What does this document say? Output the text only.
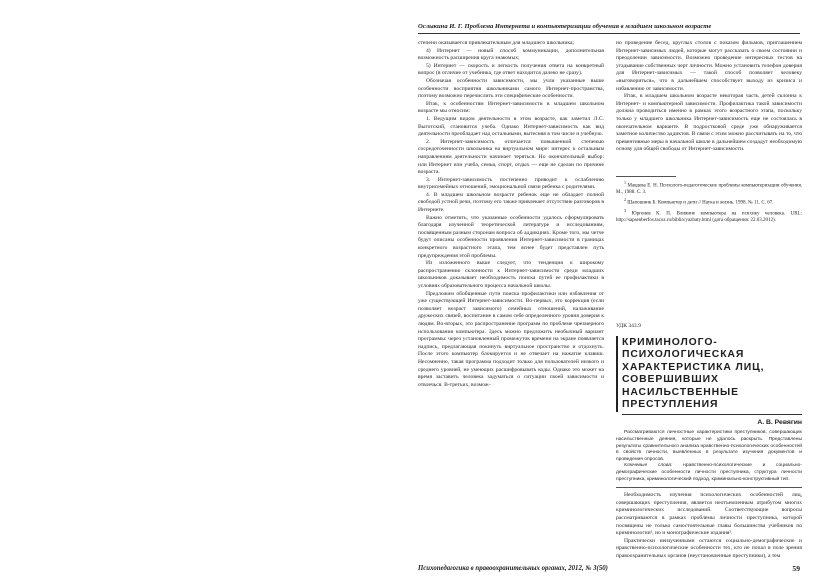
Ослыкина И. Г. Проблема Интернета и компьютеризации обучения в младшем школьном возрасте

степени оказывается привлекательным для младшего школьника;

4) Интернет — новый способ коммуникации, дополнительная возможность расширения круга знакомых;

5) Интернет — скорость и легкость получения ответа на конкретный вопрос (в отличие от учебника, где ответ находится далеко не сразу).

Обозначая особенности зависимости, мы учли указанные выше особенности восприятия школьниками самого Интернет-пространства, поэтому возможно перечислить эти специфические особенности.

Итак, к особенностям Интернет-зависимости в младшем школьном возрасте мы относим:

1. Ведущим видом деятельности в этом возрасте, как заметил Л.С. Выготский, становится учеба. Однако Интернет-зависимость как вид деятельности преобладает над остальными, вытесняя в том числе и учебную.

2. Интернет-зависимость отличается повышенной степенью сосредоточенности школьника на виртуальном мире: интерес к остальным направлениям деятельности начинает теряться. Но окончательный выбор: или Интернет или учеба, семья, спорт, отдых — еще не сделан по причине возраста.

3. Интернет-зависимость постепенно приводит к ослаблению внутрисемейных отношений, эмоциональной связи ребенка с родителями.

4. В младшем школьном возрасте ребенок еще не обладает полной свободой устной речи, поэтому его также привлекает отсутствие разговоров в Интернете.

Важно отметить, что указанные особенности удалось сформулировать благодаря изученной теоретической литературе и исследованиям, посвященным разным сторонам вопроса об аддикциях. Кроме того, мы четче будут описаны особенности проявления Интернет-зависимости в границах конкретного возрастного этапа, тем яснее будет представлен путь предупреждения этой проблемы.

Из изложенного выше следует, что тенденция к широкому распространению склонности к Интернет-зависимости среди младших школьников доказывает необходимость поиска путей ее профилактики в условиях образовательного процесса начальной школы.

Предложим обобщенные пути поиска профилактики или избавления от уже существующей Интернет-зависимости. Во-первых, это коррекция (если позволяет возраст зависимого) семейных отношений, налаживание дружеских связей, воспитание в самом себе определенного уровня доверия к людям. Во-вторых, это распространение программ по проблеме чрезмерного использования компьютера. Здесь можно предложить необычный вариант программы: через установленный промежуток времени на экране появляется надпись, предлагающая покинуть виртуальное пространство и отдохнуть. После этого компьютер блокируется и не отвечает на нажатие клавиш. Несомненно, такая программа подходит только для пользователей низкого и среднего уровней, не умеющих расшифровывать коды. Однако это может на время заставить человека задуматься о ситуации своей зависимости и отвлечься. В-третьих, возмож-

но проведение бесед, круглых столов с показом фильмов, приглашением Интернет-зависимых людей, которые могут рассказать о своем состоянии и преодолении зависимости. Возможно проведение интересных тестов на угадывание собственных черт личности. Можно установить телефон доверия для Интернет-зависимых — такой способ позволяет человеку «выговориться», что в дальнейшем способствует выходу из кризиса и избавлению от зависимости.

Итак, в младшем школьном возрасте некоторая часть детей склонна к Интернет- и компьютерной зависимости. Профилактика такой зависимости должна проводиться именно в рамках этого возрастного этапа, поскольку только у младшего школьника Интернет-зависимость еще не состоялась в окончательном варианте. В подростковой среде уже обнаруживается заметное количество аддиктов. В связи с этим можно рассчитывать на то, что превентивные меры в начальной школе в дальнейшем создадут необходимую основу для общей свободы от Интернет-зависимости.

$^1$ Мавдева Е. Н. Психолого-педагогические проблемы компьютеризации обучения. М., 1988. С. 3.

$^2$ Шапошник Б. Компьютер и дети // Наука и жизнь. 1998. № 11. С. 67.

$^3$ Юргенев К. П. Влияние компьютера на психику человека. URL: http://sapsenberfos.tacoz.ru/biblio/yazbaty.html (дата обращения: 22.03.2012).

УДК 343.9
КРИМИНОЛОГО-ПСИХОЛОГИЧЕСКАЯ ХАРАКТЕРИСТИКА ЛИЦ, СОВЕРШИВШИХ НАСИЛЬСТВЕННЫЕ ПРЕСТУПЛЕНИЯ
А. В. Ревягин

Рассматриваются личностные характеристики преступников, совершающих насильственные деяния, которые не удалось раскрыть. Представлены результаты сравнительного анализа нравственно-психологических особенностей в свойств личности, выявленных в результате изучения документов и проведения опросов.

Ключевые слова: нравственно-психологические и социально-демографические особенности личности преступника, структура личности преступника, криминологический подход, криминально-конструктивный тип.

Необходимость изучения психологических особенностей лиц, совершающих преступления, является неотъемленным атрибутом многих криминологических исследований. Соответствующие вопросы рассматриваются в рамках проблемы личности преступника, которой посвящены не только самостоятельные главы большинства учебников по криминологии¹, но и монографические издания².

Практически неизученными остаются социально-демографические и нравственно-психологические особенности тех, кто не попал в поле зрения правоохранительных органов (неустановленные преступники), а тем

Психопедагогика в правоохранительных органах, 2012, № 3(50)	59
